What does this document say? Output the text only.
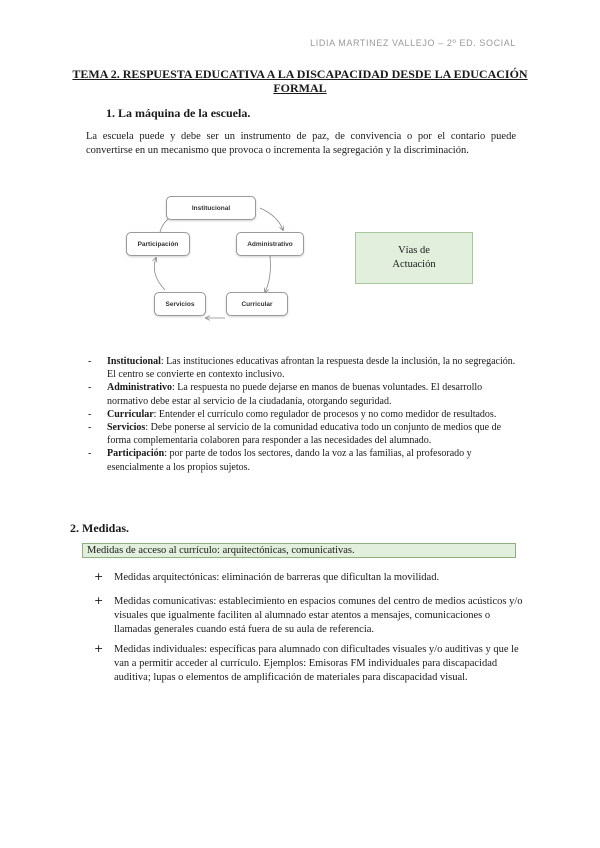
LIDIA MARTINEZ VALLEJO – 2º ED. SOCIAL
TEMA 2. RESPUESTA EDUCATIVA A LA DISCAPACIDAD DESDE LA EDUCACIÓN FORMAL
1. La máquina de la escuela.
La escuela puede y debe ser un instrumento de paz, de convivencia o por el contario puede convertirse en un mecanismo que provoca o incrementa la segregación y la discriminación.
Institucional
Administrativo
Curricular
Servicios
Participación
Vías de
Actuación
- Institucional: Las instituciones educativas afrontan la respuesta desde la inclusión, la no segregación. El centro se convierte en contexto inclusivo.
- Administrativo: La respuesta no puede dejarse en manos de buenas voluntades. El desarrollo normativo debe estar al servicio de la ciudadanía, otorgando seguridad.
- Curricular: Entender el currículo como regulador de procesos y no como medidor de resultados.
- Servicios: Debe ponerse al servicio de la comunidad educativa todo un conjunto de medios que de forma complementaria colaboren para responder a las necesidades del alumnado.
- Participación: por parte de todos los sectores, dando la voz a las familias, al profesorado y esencialmente a los propios sujetos.
2. Medidas.
Medidas de acceso al currículo: arquitectónicas, comunicativas.
+ Medidas arquitectónicas: eliminación de barreras que dificultan la movilidad.
+ Medidas comunicativas: establecimiento en espacios comunes del centro de medios acústicos y/o visuales que igualmente faciliten al alumnado estar atentos a mensajes, comunicaciones o llamadas generales cuando está fuera de su aula de referencia.
+ Medidas individuales: específicas para alumnado con dificultades visuales y/o auditivas y que le van a permitir acceder al currículo. Ejemplos: Emisoras FM individuales para discapacidad auditiva; lupas o elementos de amplificación de materiales para discapacidad visual.
